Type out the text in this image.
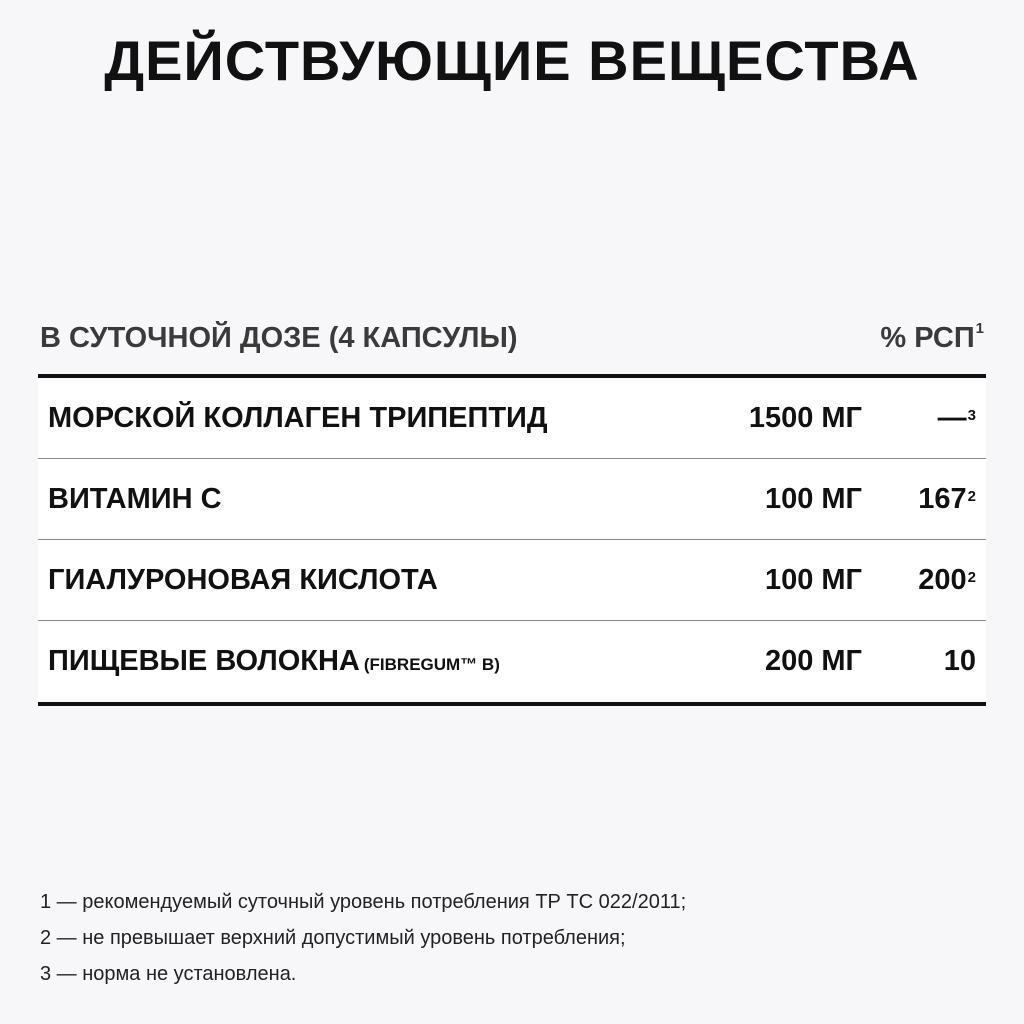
ДЕЙСТВУЮЩИЕ ВЕЩЕСТВА
В СУТОЧНОЙ ДОЗЕ (4 КАПСУЛЫ)	% РСП$^1$
МОРСКОЙ КОЛЛАГЕН ТРИПЕПТИД	1500 МГ	—$^3$
ВИТАМИН С	100 МГ $167^2$
ГИАЛУРОНОВАЯ КИСЛОТА	100 МГ $200^2$
ПИЩЕВЫЕ ВОЛОКНА (FIBREGUM™ B)	200 МГ	10
1 — рекомендуемый суточный уровень потребления ТР ТС 022/2011;
2 — не превышает верхний допустимый уровень потребления;
3 — норма не установлена.
